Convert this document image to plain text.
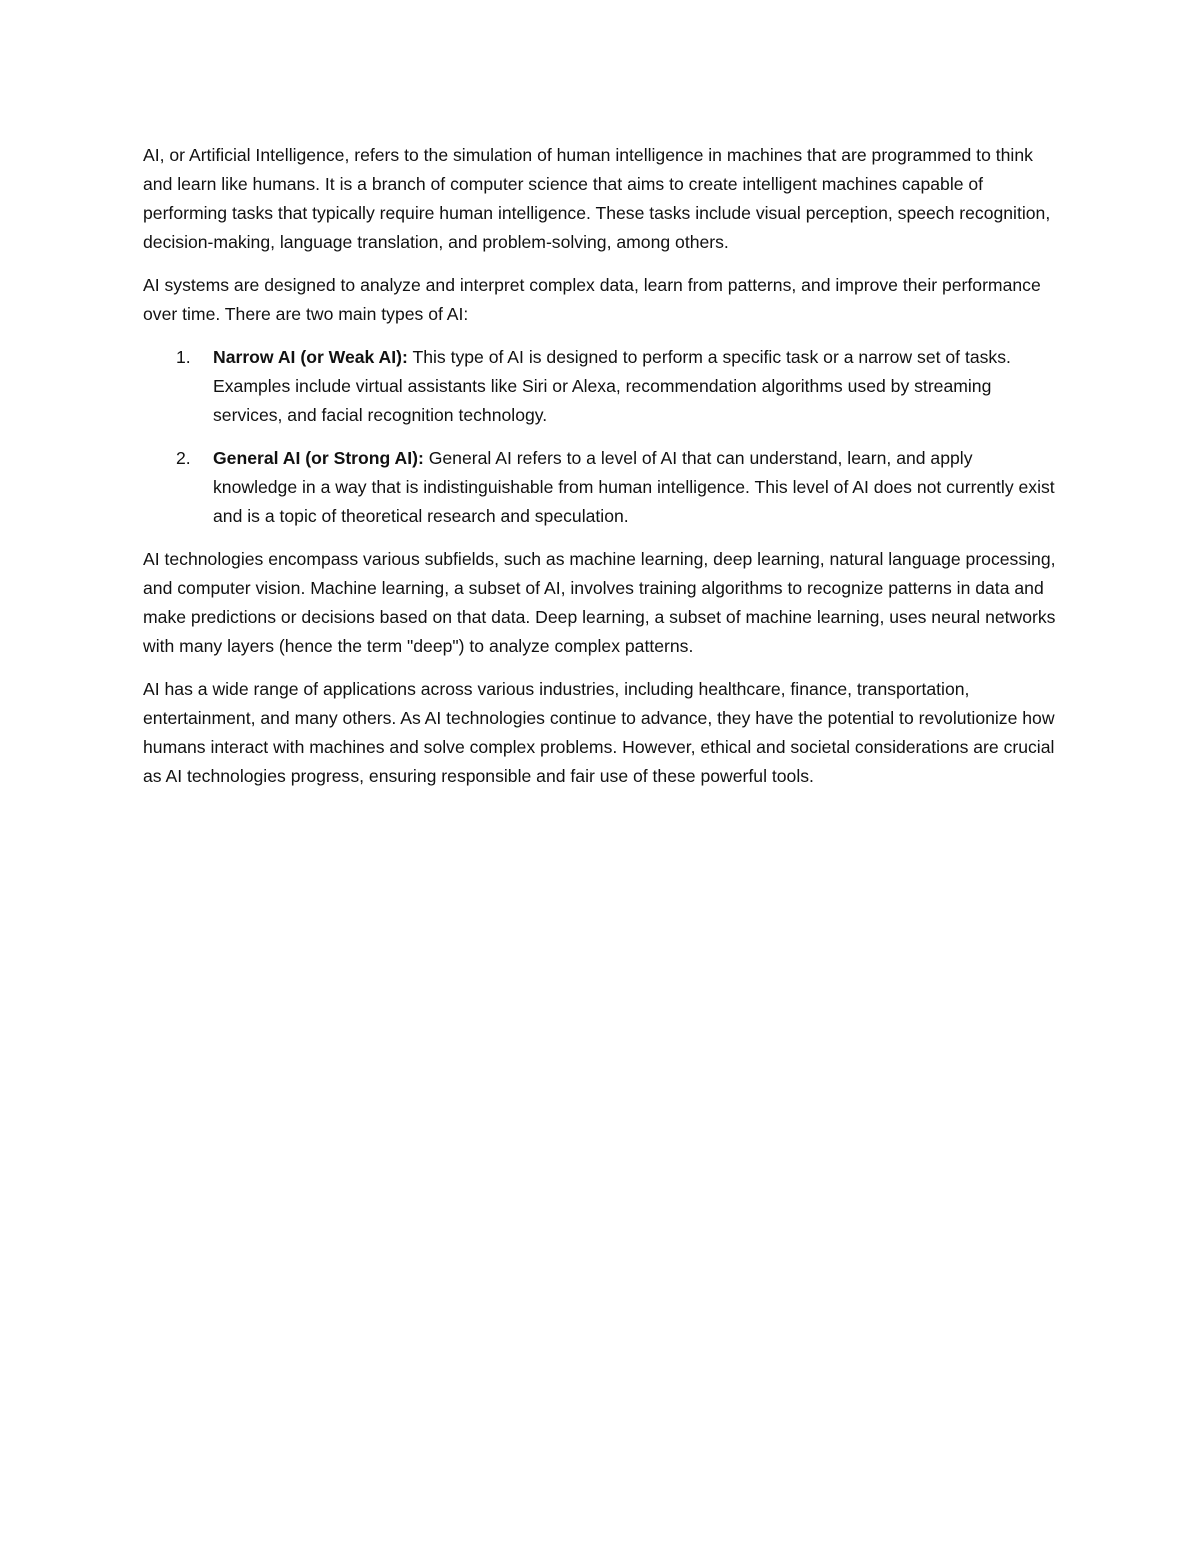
AI, or Artificial Intelligence, refers to the simulation of human intelligence in machines that are programmed to think and learn like humans. It is a branch of computer science that aims to create intelligent machines capable of performing tasks that typically require human intelligence. These tasks include visual perception, speech recognition, decision-making, language translation, and problem-solving, among others.

AI systems are designed to analyze and interpret complex data, learn from patterns, and improve their performance over time. There are two main types of AI:

1. Narrow AI (or Weak AI): This type of AI is designed to perform a specific task or a narrow set of tasks. Examples include virtual assistants like Siri or Alexa, recommendation algorithms used by streaming services, and facial recognition technology.
2. General AI (or Strong AI): General AI refers to a level of AI that can understand, learn, and apply knowledge in a way that is indistinguishable from human intelligence. This level of AI does not currently exist and is a topic of theoretical research and speculation.

AI technologies encompass various subfields, such as machine learning, deep learning, natural language processing, and computer vision. Machine learning, a subset of AI, involves training algorithms to recognize patterns in data and make predictions or decisions based on that data. Deep learning, a subset of machine learning, uses neural networks with many layers (hence the term "deep") to analyze complex patterns.

AI has a wide range of applications across various industries, including healthcare, finance, transportation, entertainment, and many others. As AI technologies continue to advance, they have the potential to revolutionize how humans interact with machines and solve complex problems. However, ethical and societal considerations are crucial as AI technologies progress, ensuring responsible and fair use of these powerful tools.
